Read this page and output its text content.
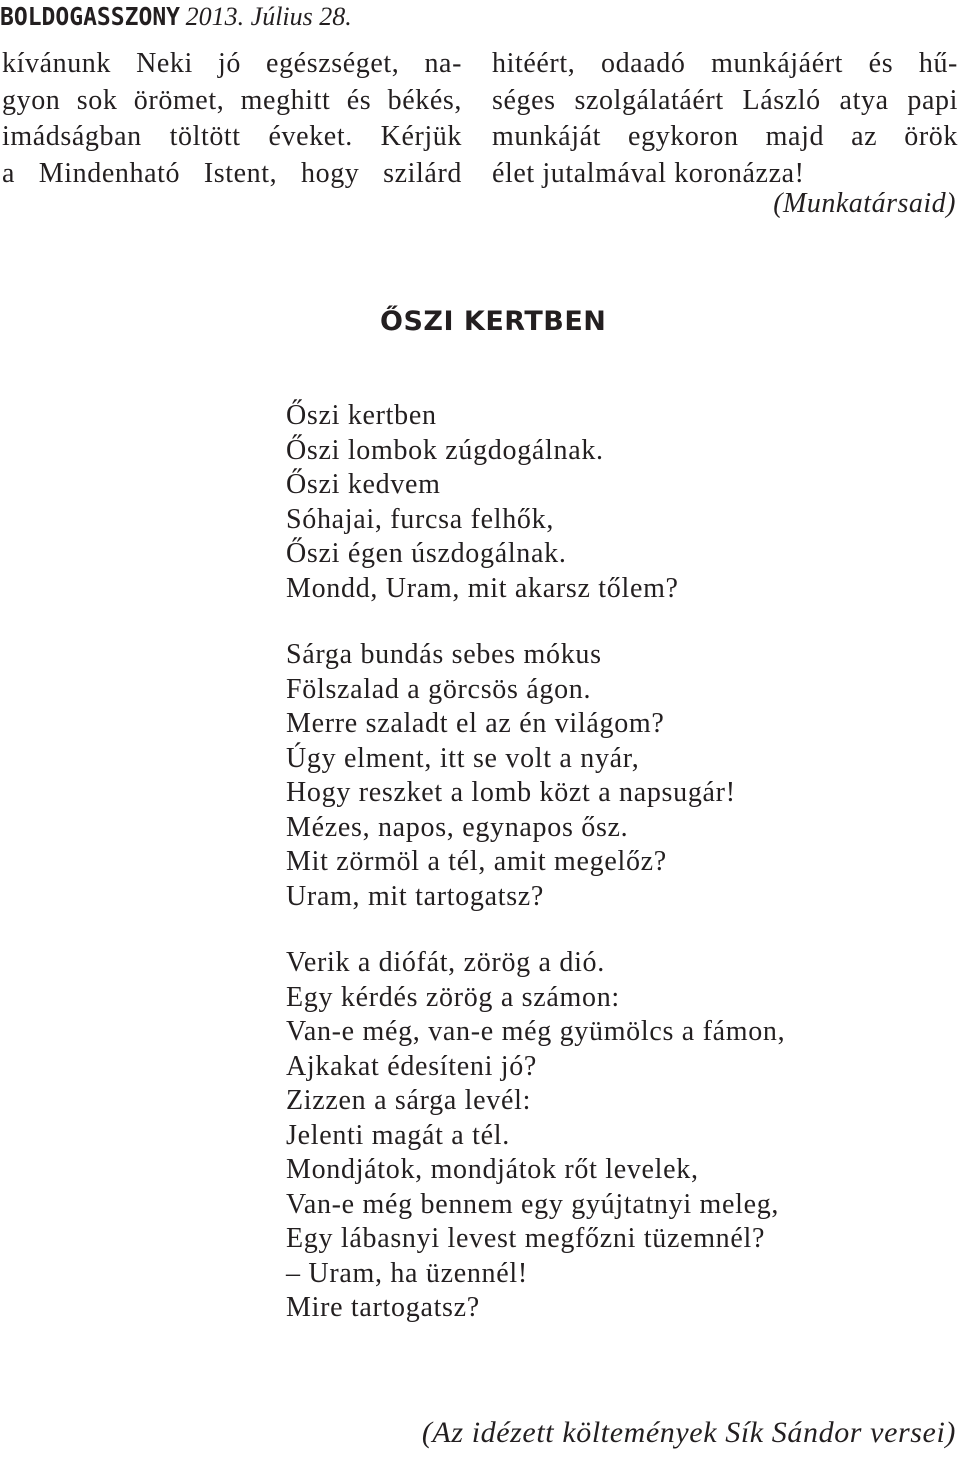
BOLDOGASSZONY 2013. Július 28.
kívánunk Neki jó egészséget, na-
gyon sok örömet, meghitt és békés,
imádságban töltött éveket. Kérjük
a Mindenható Istent, hogy szilárd
hitéért, odaadó munkájáért és hű-
séges szolgálatáért László atya papi
munkáját egykoron majd az örök
élet jutalmával koronázza!
(Munkatársaid)
ŐSZI KERTBEN
Őszi kertben
Őszi lombok zúgdogálnak.
Őszi kedvem
Sóhajai, furcsa felhők,
Őszi égen úszdogálnak.
Mondd, Uram, mit akarsz tőlem?
Sárga bundás sebes mókus
Fölszalad a görcsös ágon.
Merre szaladt el az én világom?
Úgy elment, itt se volt a nyár,
Hogy reszket a lomb közt a napsugár!
Mézes, napos, egynapos ősz.
Mit zörmöl a tél, amit megelőz?
Uram, mit tartogatsz?
Verik a diófát, zörög a dió.
Egy kérdés zörög a számon:
Van-e még, van-e még gyümölcs a fámon,
Ajkakat édesíteni jó?
Zizzen a sárga levél:
Jelenti magát a tél.
Mondjátok, mondjátok rőt levelek,
Van-e még bennem egy gyújtatnyi meleg,
Egy lábasnyi levest megfőzni tüzemnél?
– Uram, ha üzennél!
Mire tartogatsz?
(Az idézett költemények Sík Sándor versei)
